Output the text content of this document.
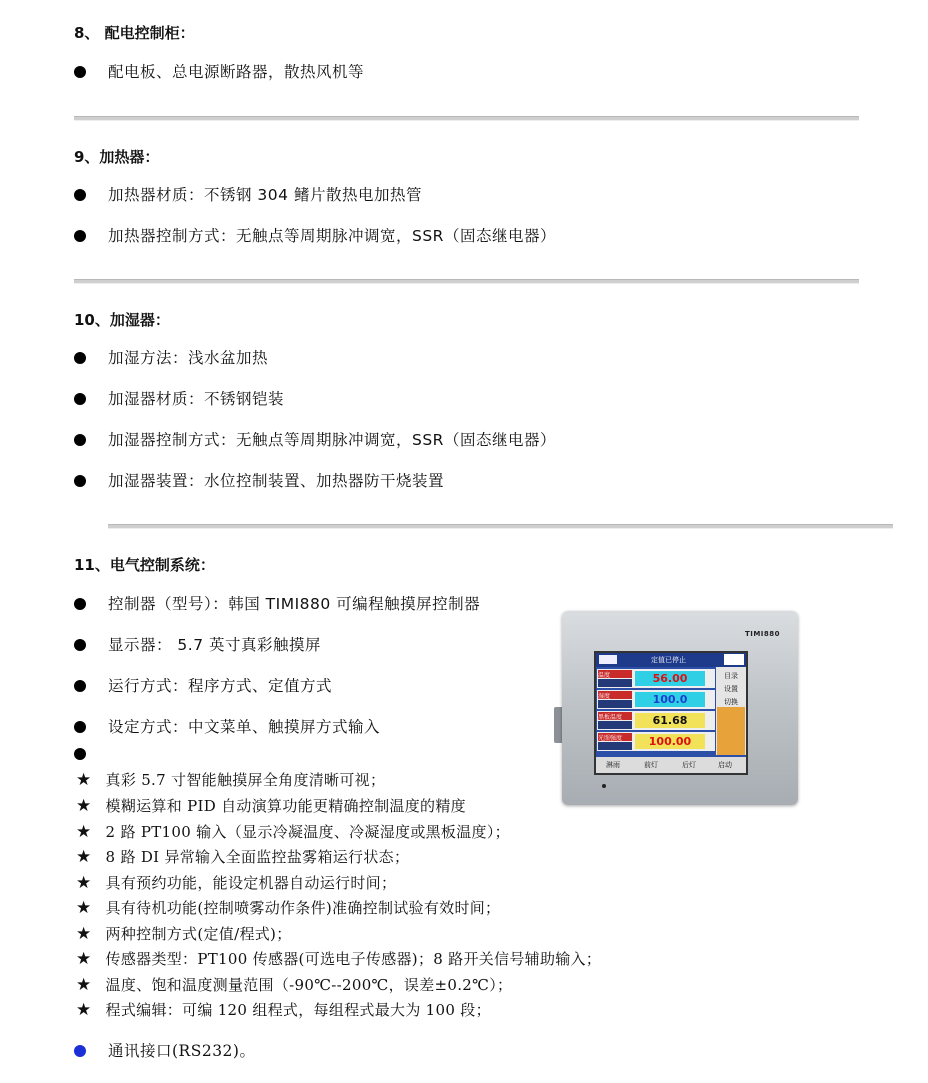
8、 配电控制柜：
配电板、总电源断路器，散热风机等
9、加热器：
加热器材质：不锈钢 304 鳍片散热电加热管
加热器控制方式：无触点等周期脉冲调宽，SSR（固态继电器）
10、加湿器：
加湿方法：浅水盆加热
加湿器材质：不锈钢铠装
加湿器控制方式：无触点等周期脉冲调宽，SSR（固态继电器）
加湿器装置：水位控制装置、加热器防干烧装置
11、电气控制系统：
控制器（型号）：韩国 TIMI880 可编程触摸屏控制器
显示器： 5.7 英寸真彩触摸屏
运行方式：程序方式、定值方式
设定方式：中文菜单、触摸屏方式输入
★ 真彩 5.7 寸智能触摸屏全角度清晰可视；
★ 模糊运算和 PID 自动演算功能更精确控制温度的精度
★ 2 路 PT100 输入（显示冷凝温度、冷凝湿度或黑板温度）；
★ 8 路 DI 异常输入全面监控盐雾箱运行状态；
★ 具有预约功能，能设定机器自动运行时间；
★ 具有待机功能(控制喷雾动作条件)准确控制试验有效时间；
★ 两种控制方式(定值/程式)；
★ 传感器类型：PT100 传感器(可选电子传感器)；8 路开关信号辅助输入；
★ 温度、饱和温度测量范围（-90℃--200℃，误差±0.2℃）；
★ 程式编辑：可编 120 组程式，每组程式最大为 100 段；
通讯接口(RS232)。
TIMI880
定值已停止
目录
设置
切换
温度	56.00
湿度	100.0
黑板温度	61.68
光照强度	100.00
淋雨	前灯	后灯	启动
